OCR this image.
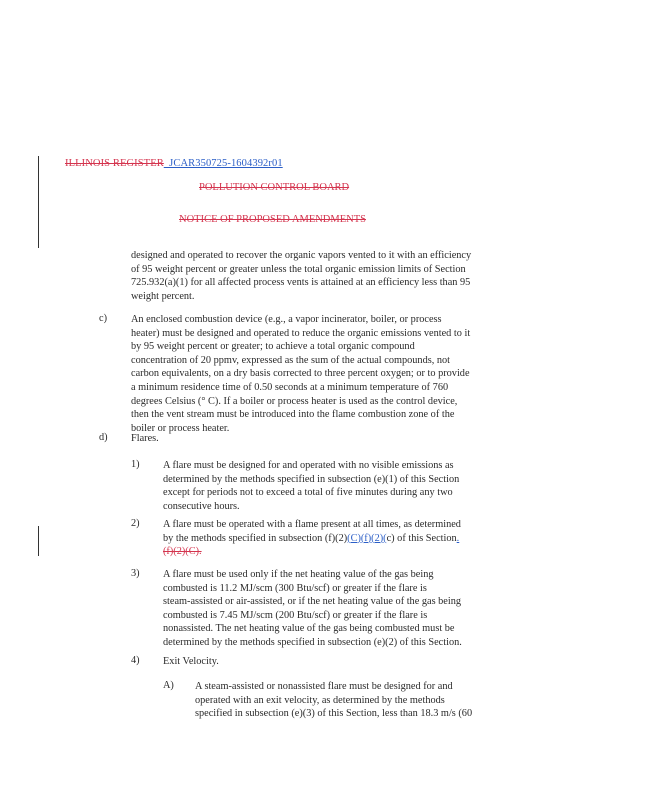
ILLINOIS REGISTER_JCAR350725-1604392r01
POLLUTION CONTROL BOARD
NOTICE OF PROPOSED AMENDMENTS
designed and operated to recover the organic vapors vented to it with an efficiency
of 95 weight percent or greater unless the total organic emission limits of Section
725.932(a)(1) for all affected process vents is attained at an efficiency less than 95
weight percent.
c) An enclosed combustion device (e.g., a vapor incinerator, boiler, or process
heater) must be designed and operated to reduce the organic emissions vented to it
by 95 weight percent or greater; to achieve a total organic compound
concentration of 20 ppmv, expressed as the sum of the actual compounds, not
carbon equivalents, on a dry basis corrected to three percent oxygen; or to provide
a minimum residence time of 0.50 seconds at a minimum temperature of 760
degrees Celsius (° C). If a boiler or process heater is used as the control device,
then the vent stream must be introduced into the flame combustion zone of the
boiler or process heater.
d) Flares.
1) A flare must be designed for and operated with no visible emissions as
determined by the methods specified in subsection (e)(1) of this Section
except for periods not to exceed a total of five minutes during any two
consecutive hours.
2) A flare must be operated with a flame present at all times, as determined
by the methods specified in subsection (f)(2)(C)(f)(2)(c) of this Section.
(f)(2)(C).
3) A flare must be used only if the net heating value of the gas being
combusted is 11.2 MJ/scm (300 Btu/scf) or greater if the flare is
steam-assisted or air-assisted, or if the net heating value of the gas being
combusted is 7.45 MJ/scm (200 Btu/scf) or greater if the flare is
nonassisted. The net heating value of the gas being combusted must be
determined by the methods specified in subsection (e)(2) of this Section.
4) Exit Velocity.
A) A steam-assisted or nonassisted flare must be designed for and
operated with an exit velocity, as determined by the methods
specified in subsection (e)(3) of this Section, less than 18.3 m/s (60
